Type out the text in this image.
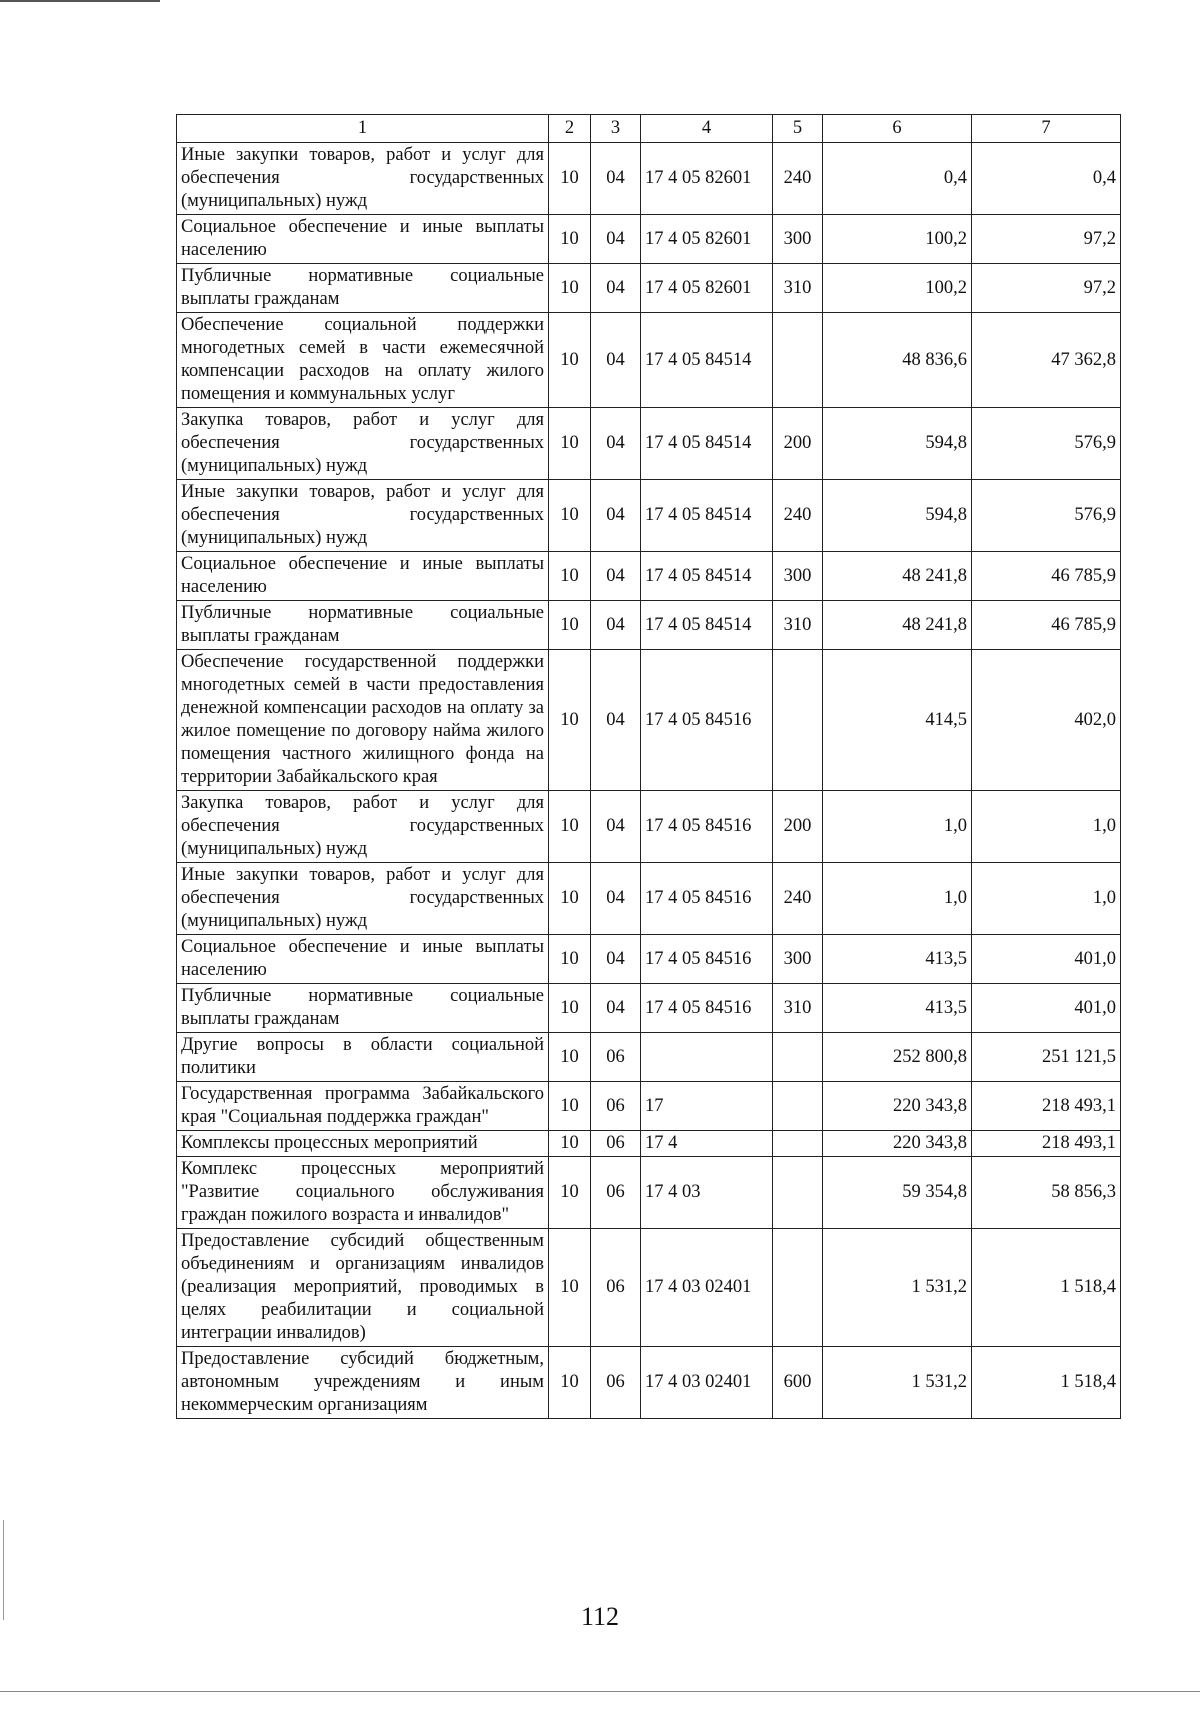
1	2	3	4	5	6	7
Иные закупки товаров, работ и услуг для обеспечения государственных (муниципальных) нужд	10	04	17 4 05 82601	240	0,4	0,4
Социальное обеспечение и иные выплаты населению	10	04	17 4 05 82601	300	100,2	97,2
Публичные нормативные социальные выплаты гражданам	10	04	17 4 05 82601	310	100,2	97,2
Обеспечение социальной поддержки многодетных семей в части ежемесячной компенсации расходов на оплату жилого помещения и коммунальных услуг	10	04	17 4 05 84514		48 836,6	47 362,8
Закупка товаров, работ и услуг для обеспечения государственных (муниципальных) нужд	10	04	17 4 05 84514	200	594,8	576,9
Иные закупки товаров, работ и услуг для обеспечения государственных (муниципальных) нужд	10	04	17 4 05 84514	240	594,8	576,9
Социальное обеспечение и иные выплаты населению	10	04	17 4 05 84514	300	48 241,8	46 785,9
Публичные нормативные социальные выплаты гражданам	10	04	17 4 05 84514	310	48 241,8	46 785,9
Обеспечение государственной поддержки многодетных семей в части предоставления денежной компенсации расходов на оплату за жилое помещение по договору найма жилого помещения частного жилищного фонда на территории Забайкальского края	10	04	17 4 05 84516		414,5	402,0
Закупка товаров, работ и услуг для обеспечения государственных (муниципальных) нужд	10	04	17 4 05 84516	200	1,0	1,0
Иные закупки товаров, работ и услуг для обеспечения государственных (муниципальных) нужд	10	04	17 4 05 84516	240	1,0	1,0
Социальное обеспечение и иные выплаты населению	10	04	17 4 05 84516	300	413,5	401,0
Публичные нормативные социальные выплаты гражданам	10	04	17 4 05 84516	310	413,5	401,0
Другие вопросы в области социальной политики	10	06			252 800,8	251 121,5
Государственная программа Забайкальского края "Социальная поддержка граждан"	10	06	17		220 343,8	218 493,1
Комплексы процессных мероприятий	10	06	17 4		220 343,8	218 493,1
Комплекс процессных мероприятий "Развитие социального обслуживания граждан пожилого возраста и инвалидов"	10	06	17 4 03		59 354,8	58 856,3
Предоставление субсидий общественным объединениям и организациям инвалидов (реализация мероприятий, проводимых в целях реабилитации и социальной интеграции инвалидов)	10	06	17 4 03 02401		1 531,2	1 518,4
Предоставление субсидий бюджетным, автономным учреждениям и иным некоммерческим организациям	10	06	17 4 03 02401	600	1 531,2	1 518,4
112
